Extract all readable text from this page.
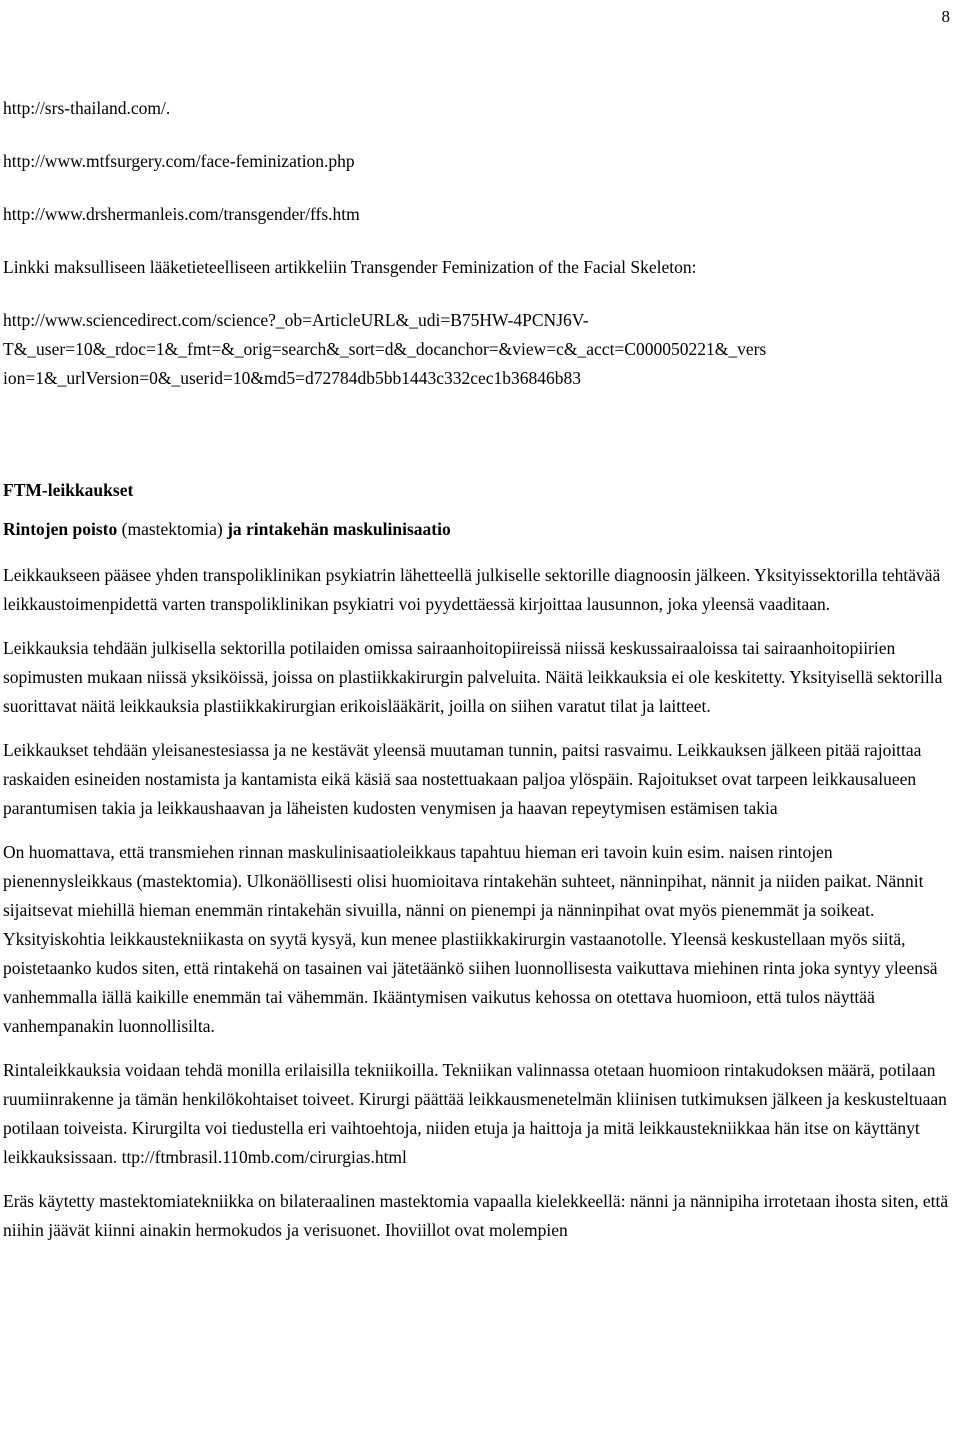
8
http://srs-thailand.com/.
http://www.mtfsurgery.com/face-feminization.php
http://www.drshermanleis.com/transgender/ffs.htm
Linkki maksulliseen lääketieteelliseen artikkeliin Transgender Feminization of the Facial Skeleton:
http://www.sciencedirect.com/science?_ob=ArticleURL&_udi=B75HW-4PCNJ6V-
T&_user=10&_rdoc=1&_fmt=&_orig=search&_sort=d&_docanchor=&view=c&_acct=C000050221&_vers
ion=1&_urlVersion=0&_userid=10&md5=d72784db5bb1443c332cec1b36846b83
FTM-leikkaukset
Rintojen poisto (mastektomia) ja rintakehän maskulinisaatio

Leikkaukseen pääsee yhden transpoliklinikan psykiatrin lähetteellä julkiselle sektorille diagnoosin jälkeen. Yksityissektorilla tehtävää leikkaustoimenpidettä varten transpoliklinikan psykiatri voi pyydettäessä kirjoittaa lausunnon, joka yleensä vaaditaan.

Leikkauksia tehdään julkisella sektorilla potilaiden omissa sairaanhoitopiireissä niissä keskussairaaloissa tai sairaanhoitopiirien sopimusten mukaan niissä yksiköissä, joissa on plastiikkakirurgin palveluita. Näitä leikkauksia ei ole keskitetty. Yksityisellä sektorilla suorittavat näitä leikkauksia plastiikkakirurgian erikoislääkärit, joilla on siihen varatut tilat ja laitteet.

Leikkaukset tehdään yleisanestesiassa ja ne kestävät yleensä muutaman tunnin, paitsi rasvaimu. Leikkauksen jälkeen pitää rajoittaa raskaiden esineiden nostamista ja kantamista eikä käsiä saa nostettuakaan paljoa ylöspäin. Rajoitukset ovat tarpeen leikkausalueen parantumisen takia ja leikkaushaavan ja läheisten kudosten venymisen ja haavan repeytymisen estämisen takia

On huomattava, että transmiehen rinnan maskulinisaatioleikkaus tapahtuu hieman eri tavoin kuin esim. naisen rintojen pienennysleikkaus (mastektomia). Ulkonäöllisesti olisi huomioitava rintakehän suhteet, nänninpihat, nännit ja niiden paikat. Nännit sijaitsevat miehillä hieman enemmän rintakehän sivuilla, nänni on pienempi ja nänninpihat ovat myös pienemmät ja soikeat. Yksityiskohtia leikkaustekniikasta on syytä kysyä, kun menee plastiikkakirurgin vastaanotolle. Yleensä keskustellaan myös siitä, poistetaanko kudos siten, että rintakehä on tasainen vai jätetäänkö siihen luonnollisesta vaikuttava miehinen rinta joka syntyy yleensä vanhemmalla iällä kaikille enemmän tai vähemmän. Ikääntymisen vaikutus kehossa on otettava huomioon, että tulos näyttää vanhempanakin luonnollisilta.

Rintaleikkauksia voidaan tehdä monilla erilaisilla tekniikoilla. Tekniikan valinnassa otetaan huomioon rintakudoksen määrä, potilaan ruumiinrakenne ja tämän henkilökohtaiset toiveet. Kirurgi päättää leikkausmenetelmän kliinisen tutkimuksen jälkeen ja keskusteltuaan potilaan toiveista. Kirurgilta voi tiedustella eri vaihtoehtoja, niiden etuja ja haittoja ja mitä leikkaustekniikkaa hän itse on käyttänyt leikkauksissaan. ttp://ftmbrasil.110mb.com/cirurgias.html

Eräs käytetty mastektomiatekniikka on bilateraalinen mastektomia vapaalla kielekkeellä: nänni ja nännipiha irrotetaan ihosta siten, että niihin jäävät kiinni ainakin hermokudos ja verisuonet. Ihoviillot ovat molempien
